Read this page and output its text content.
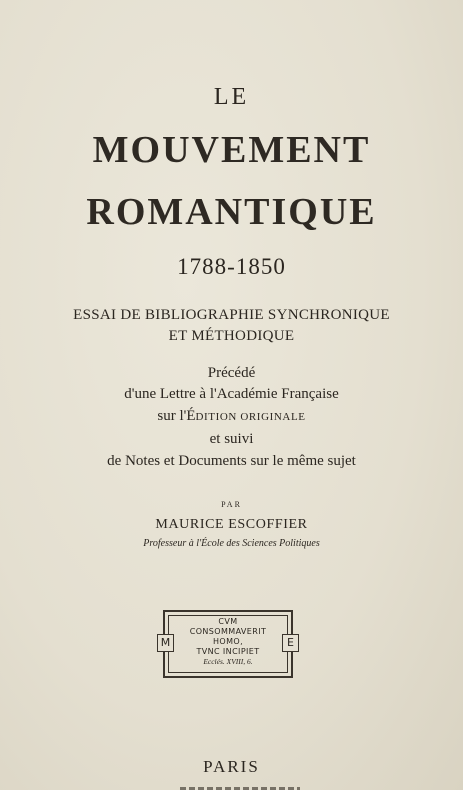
LE
MOUVEMENT
ROMANTIQUE
1788-1850
ESSAI DE BIBLIOGRAPHIE SYNCHRONIQUE
ET MÉTHODIQUE
Précédé
d'une Lettre à l'Académie Française
sur l'ÉDITION ORIGINALE
et suivi
de Notes et Documents sur le même sujet
PAR
MAURICE ESCOFFIER
Professeur à l'École des Sciences Politiques
CVM
CONSOMMAVERIT
HOMO,
TVNC INCIPIET
Ecclés. XVIII, 6.
M	E
PARIS
